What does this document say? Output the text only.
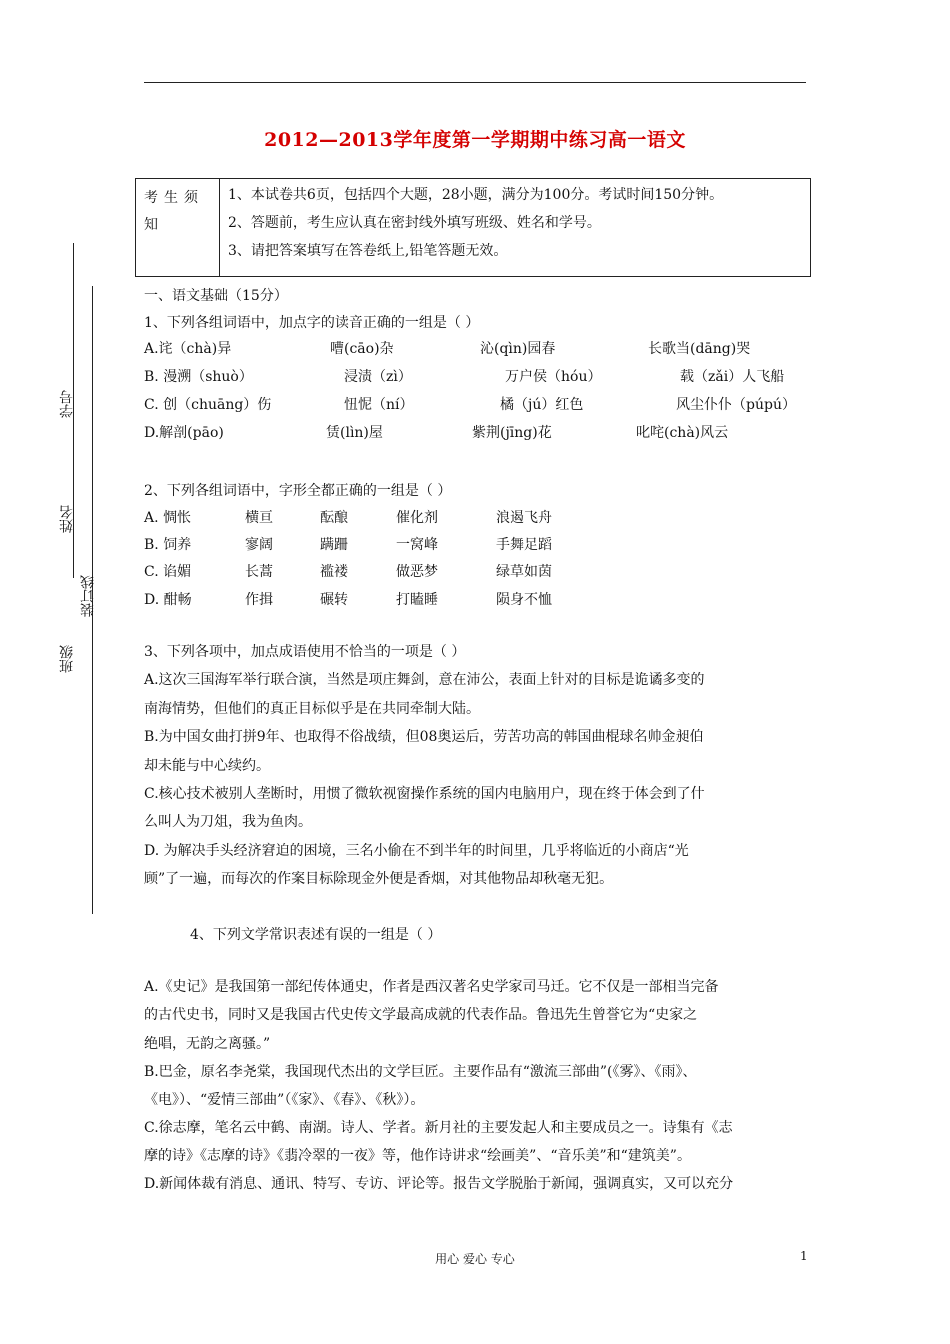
2012—2013学年度第一学期期中练习高一语文
考生须知
1、本试卷共6页，包括四个大题，28小题，满分为100分。考试时间150分钟。
2、答题前，考生应认真在密封线外填写班级、姓名和学号。
3、请把答案填写在答卷纸上,铅笔答题无效。
学号
姓名
装订线
班级
一、语文基础（15分）
1、下列各组词语中，加点字的读音正确的一组是（ ）
A.诧（chà)异	嘈(cāo)杂	沁(qìn)园春	长歌当(dāng)哭
B. 漫溯（shuò）	浸渍（zì）	万户侯（hóu）	载（zǎi）人飞船
C. 创（chuāng）伤	忸怩（ní）	橘（jú）红色	风尘仆仆（púpú）
D.解剖(pāo)	赁(lìn)屋	紫荆(jīng)花	叱咤(chà)风云
2、下列各组词语中，字形全都正确的一组是（ ）
A. 惆怅	横亘	酝酿	催化剂	浪遏飞舟
B. 饲养	寥阔	蹒跚	一窝峰	手舞足蹈
C. 谄媚	长蒿	褴褛	做恶梦	绿草如茵
D. 酣畅	作揖	碾转	打瞌睡	陨身不恤
3、下列各项中，加点成语使用不恰当的一项是（ ）
A.这次三国海军举行联合演，当然是项庄舞剑，意在沛公，表面上针对的目标是诡谲多变的
南海情势，但他们的真正目标似乎是在共同牵制大陆。
B.为中国女曲打拼9年、也取得不俗战绩，但08奥运后，劳苦功高的韩国曲棍球名帅金昶伯
却未能与中心续约。
C.核心技术被别人垄断时，用惯了微软视窗操作系统的国内电脑用户，现在终于体会到了什
么叫人为刀俎，我为鱼肉。
D. 为解决手头经济窘迫的困境，三名小偷在不到半年的时间里，几乎将临近的小商店“光
顾”了一遍，而每次的作案目标除现金外便是香烟，对其他物品却秋毫无犯。
4、下列文学常识表述有误的一组是（ ）
A.《史记》是我国第一部纪传体通史，作者是西汉著名史学家司马迁。它不仅是一部相当完备
的古代史书，同时又是我国古代史传文学最高成就的代表作品。鲁迅先生曾誉它为“史家之
绝唱，无韵之离骚。”
B.巴金，原名李尧棠，我国现代杰出的文学巨匠。主要作品有“激流三部曲”(《雾》、《雨》、
《电》）、“爱情三部曲”（《家》、《春》、《秋》）。
C.徐志摩，笔名云中鹤、南湖。诗人、学者。新月社的主要发起人和主要成员之一。诗集有《志
摩的诗》《志摩的诗》《翡冷翠的一夜》等，他作诗讲求“绘画美”、“音乐美”和“建筑美”。
D.新闻体裁有消息、通讯、特写、专访、评论等。报告文学脱胎于新闻，强调真实，又可以充分
用心 爱心 专心	1
